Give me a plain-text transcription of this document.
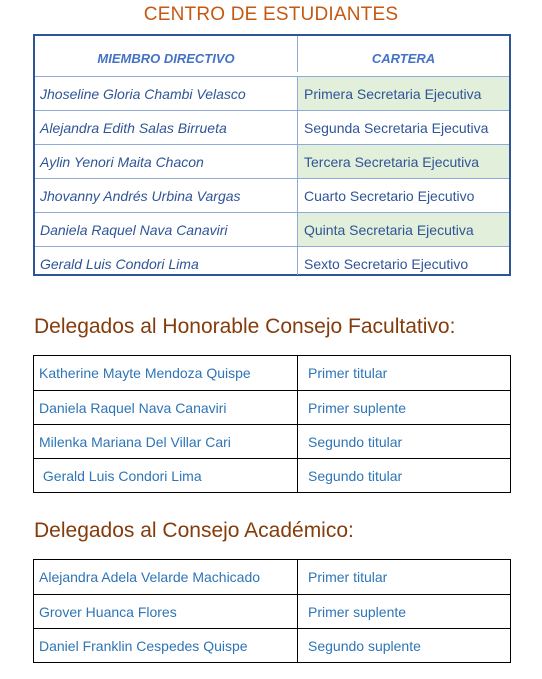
CENTRO DE ESTUDIANTES
MIEMBRO DIRECTIVO	CARTERA
Jhoseline Gloria Chambi Velasco	Primera Secretaria Ejecutiva
Alejandra Edith Salas Birrueta	Segunda Secretaria Ejecutiva
Aylin Yenori Maita Chacon	Tercera Secretaria Ejecutiva
Jhovanny Andrés Urbina Vargas	Cuarto Secretario Ejecutivo
Daniela Raquel Nava Canaviri	Quinta Secretaria Ejecutiva
Gerald Luis Condori Lima	Sexto Secretario Ejecutivo
Delegados al Honorable Consejo Facultativo:
Katherine Mayte Mendoza Quispe	Primer titular
Daniela Raquel Nava Canaviri	Primer suplente
Milenka Mariana Del Villar Cari	Segundo titular
Gerald Luis Condori Lima	Segundo titular
Delegados al Consejo Académico:
Alejandra Adela Velarde Machicado	Primer titular
Grover Huanca Flores	Primer suplente
Daniel Franklin Cespedes Quispe	Segundo suplente
